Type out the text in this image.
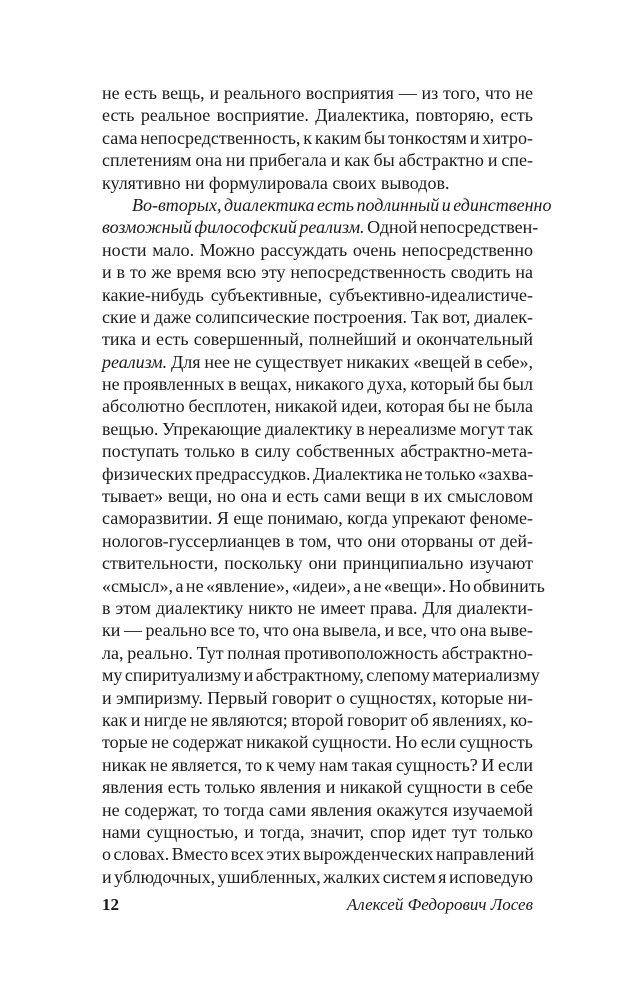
не есть вещь, и реального восприятия — из того, что не
есть реальное восприятие. Диалектика, повторяю, есть
сама непосредственность, к каким бы тонкостям и хитро-
сплетениям она ни прибегала и как бы абстрактно и спе-
кулятивно ни формулировала своих выводов.
Во-вторых, диалектика есть подлинный и единственно
возможный философский реализм. Одной непосредствен-
ности мало. Можно рассуждать очень непосредственно
и в то же время всю эту непосредственность сводить на
какие-нибудь субъективные, субъективно-идеалистиче-
ские и даже солипсические построения. Так вот, диалек-
тика и есть совершенный, полнейший и окончательный
реализм. Для нее не существует никаких «вещей в себе»,
не проявленных в вещах, никакого духа, который бы был
абсолютно бесплотен, никакой идеи, которая бы не была
вещью. Упрекающие диалектику в нереализме могут так
поступать только в силу собственных абстрактно-мета-
физических предрассудков. Диалектика не только «захва-
тывает» вещи, но она и есть сами вещи в их смысловом
саморазвитии. Я еще понимаю, когда упрекают феноме-
нологов-гуссерлианцев в том, что они оторваны от дей-
ствительности, поскольку они принципиально изучают
«смысл», а не «явление», «идеи», а не «вещи». Но обвинить
в этом диалектику никто не имеет права. Для диалекти-
ки — реально все то, что она вывела, и все, что она выве-
ла, реально. Тут полная противоположность абстрактно-
му спиритуализму и абстрактному, слепому материализму
и эмпиризму. Первый говорит о сущностях, которые ни-
как и нигде не являются; второй говорит об явлениях, ко-
торые не содержат никакой сущности. Но если сущность
никак не является, то к чему нам такая сущность? И если
явления есть только явления и никакой сущности в себе
не содержат, то тогда сами явления окажутся изучаемой
нами сущностью, и тогда, значит, спор идет тут только
о словах. Вместо всех этих вырожденческих направлений
и ублюдочных, ушибленных, жалких систем я исповедую
12	Алексей Федорович Лосев
